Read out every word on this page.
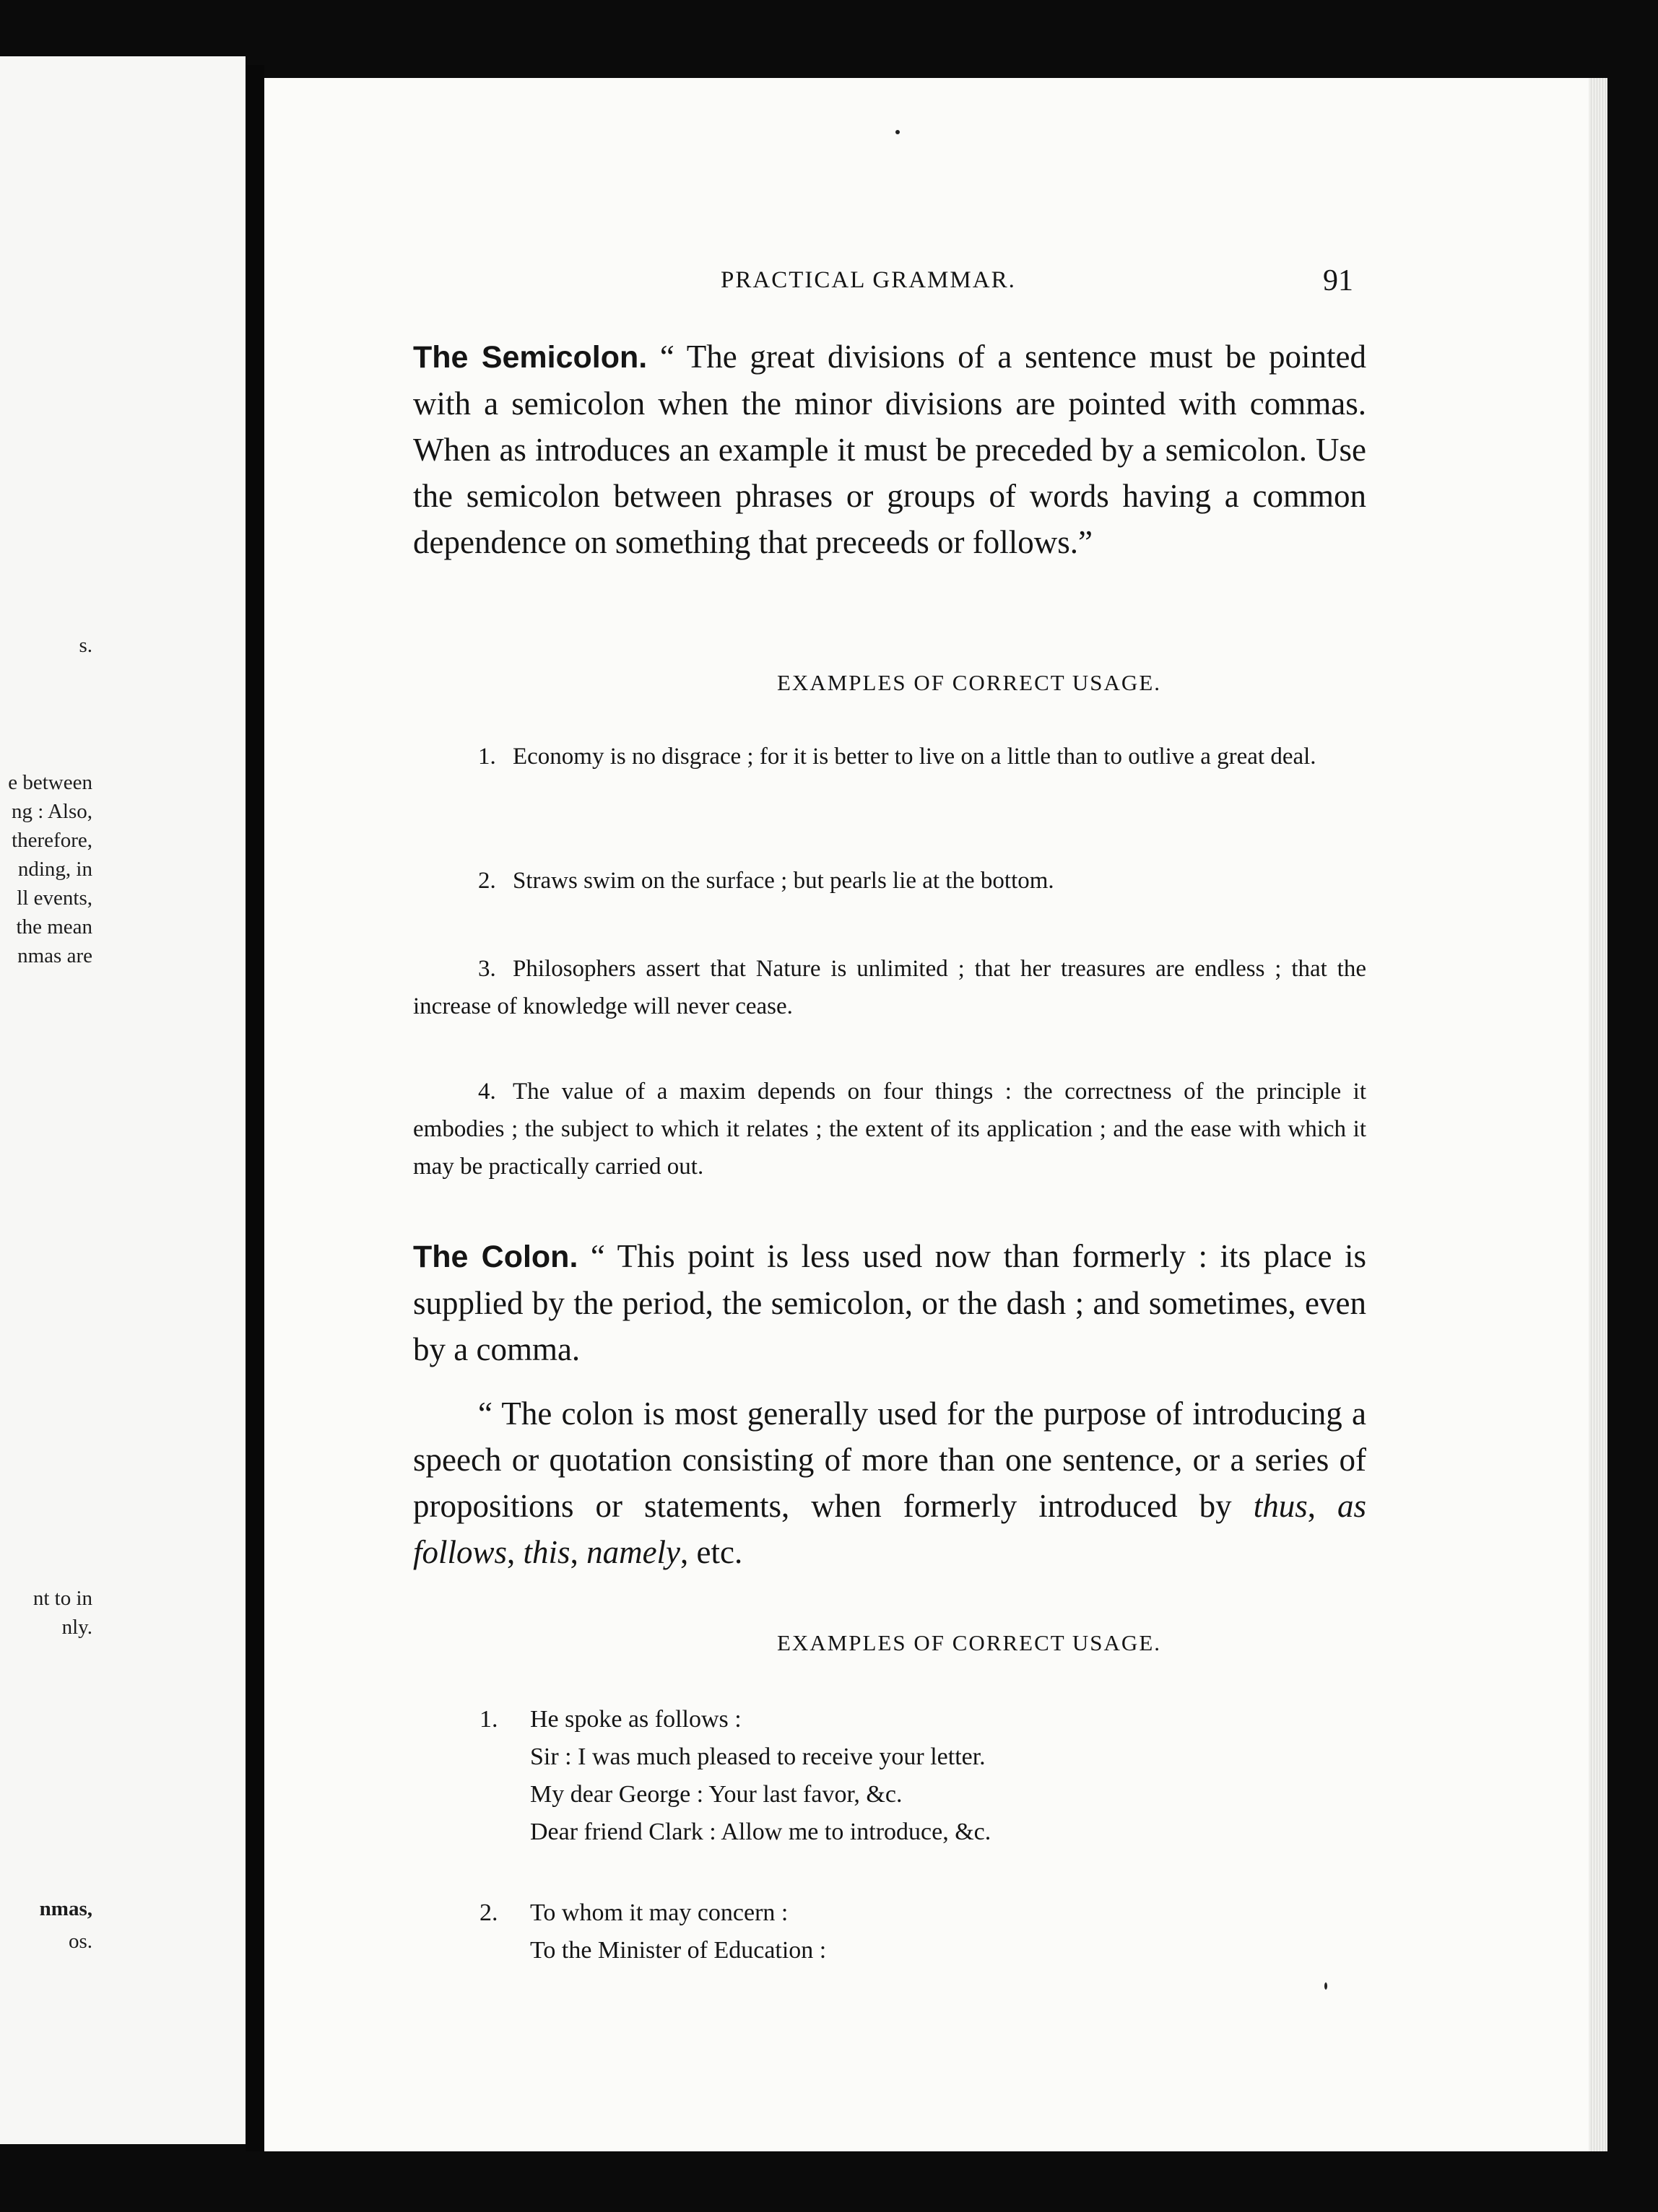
s.
e between
ng : Also,
therefore,
nding, in
ll events,
the mean
nmas are
nt to in
nly.
nmas,
os.
PRACTICAL GRAMMAR.	91

The Semicolon. “ The great divisions of a sentence must be pointed with a semicolon when the minor divisions are pointed with commas. When as introduces an example it must be preceded by a semicolon. Use the semicolon between phrases or groups of words having a common dependence on something that preceeds or follows.”

EXAMPLES OF CORRECT USAGE.

1. Economy is no disgrace ; for it is better to live on a little than to outlive a great deal.

2. Straws swim on the surface ; but pearls lie at the bottom.

3. Philosophers assert that Nature is unlimited ; that her treasures are endless ; that the increase of knowledge will never cease.

4. The value of a maxim depends on four things : the correctness of the principle it embodies ; the subject to which it relates ; the extent of its application ; and the ease with which it may be practically carried out.

The Colon. “ This point is less used now than formerly : its place is supplied by the period, the semicolon, or the dash ; and sometimes, even by a comma.

“ The colon is most generally used for the purpose of introducing a speech or quotation consisting of more than one sentence, or a series of propositions or statements, when formerly introduced by thus, as follows, this, namely, etc.

EXAMPLES OF CORRECT USAGE.
1.	He spoke as follows :
Sir : I was much pleased to receive your letter.
My dear George : Your last favor, &c.
Dear friend Clark : Allow me to introduce, &c.
2.	To whom it may concern :
To the Minister of Education :
